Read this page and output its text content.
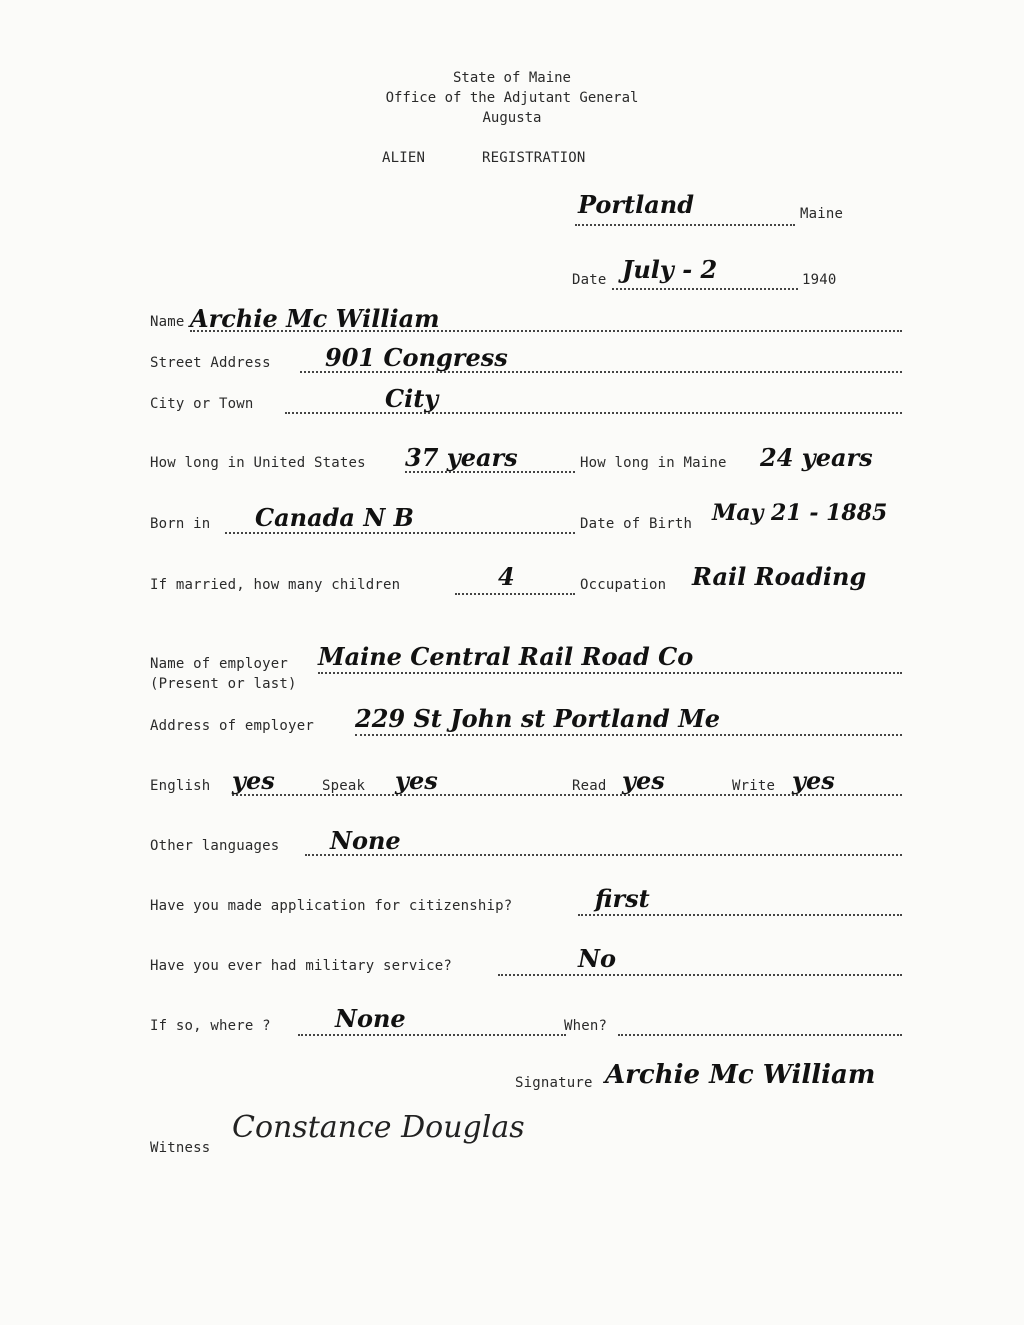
State of Maine
Office of the Adjutant General
Augusta
ALIEN	REGISTRATION
Portland	Maine
Date July - 2	1940
Name Archie Mc William
Street Address 901 Congress
City or Town	City
How long in United States 37 years	How long in Maine 24 years
Born in Canada N B	Date of Birth May 21 - 1885
If married, how many children	4	Occupation Rail Roading
Name of employer
(Present or last)
Maine Central Rail Road Co
Address of employer 229 St John st Portland Me
English yes	Speak yes	Read yes	Write yes
Other languages None
Have you made application for citizenship?	first
Have you ever had military service?	No
If so, where ?	None	When?
Signature Archie Mc William
Witness
Constance Douglas
